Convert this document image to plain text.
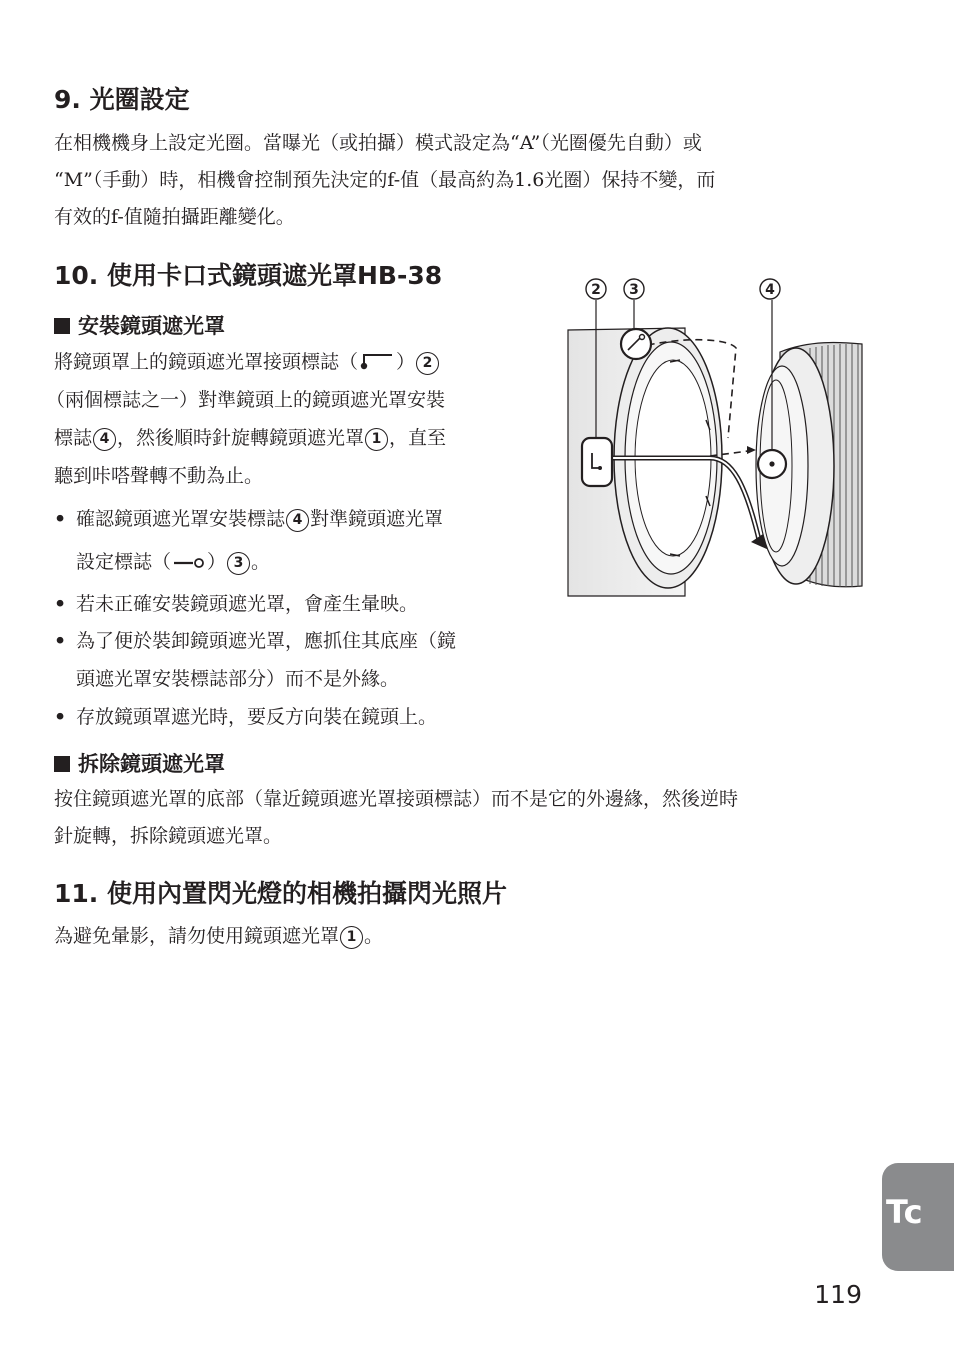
9. 光圈設定

在相機機身上設定光圈。當曝光（或拍攝）模式設定為“A”（光圈優先自動）或

“M”（手動）時，相機會控制預先決定的f-值（最高約為1.6光圈）保持不變，而

有效的f-值隨拍攝距離變化。

10. 使用卡口式鏡頭遮光罩HB-38
安裝鏡頭遮光罩

將鏡頭罩上的鏡頭遮光罩接頭標誌（ ） 2

（兩個標誌之一）對準鏡頭上的鏡頭遮光罩安裝

標誌 4 ，然後順時針旋轉鏡頭遮光罩 1 ，直至

聽到咔嗒聲轉不動為止。

• 確認鏡頭遮光罩安裝標誌 4 對準鏡頭遮光罩

設定標誌（ ） 3 。

• 若未正確安裝鏡頭遮光罩，會產生暈映。

• 為了便於裝卸鏡頭遮光罩，應抓住其底座（鏡

頭遮光罩安裝標誌部分）而不是外緣。

• 存放鏡頭罩遮光時，要反方向裝在鏡頭上。

拆除鏡頭遮光罩

按住鏡頭遮光罩的底部（靠近鏡頭遮光罩接頭標誌）而不是它的外邊緣，然後逆時

針旋轉，拆除鏡頭遮光罩。

2 3	4
11. 使用內置閃光燈的相機拍攝閃光照片

為避免暈影，請勿使用鏡頭遮光罩 1 。

Tc
119
